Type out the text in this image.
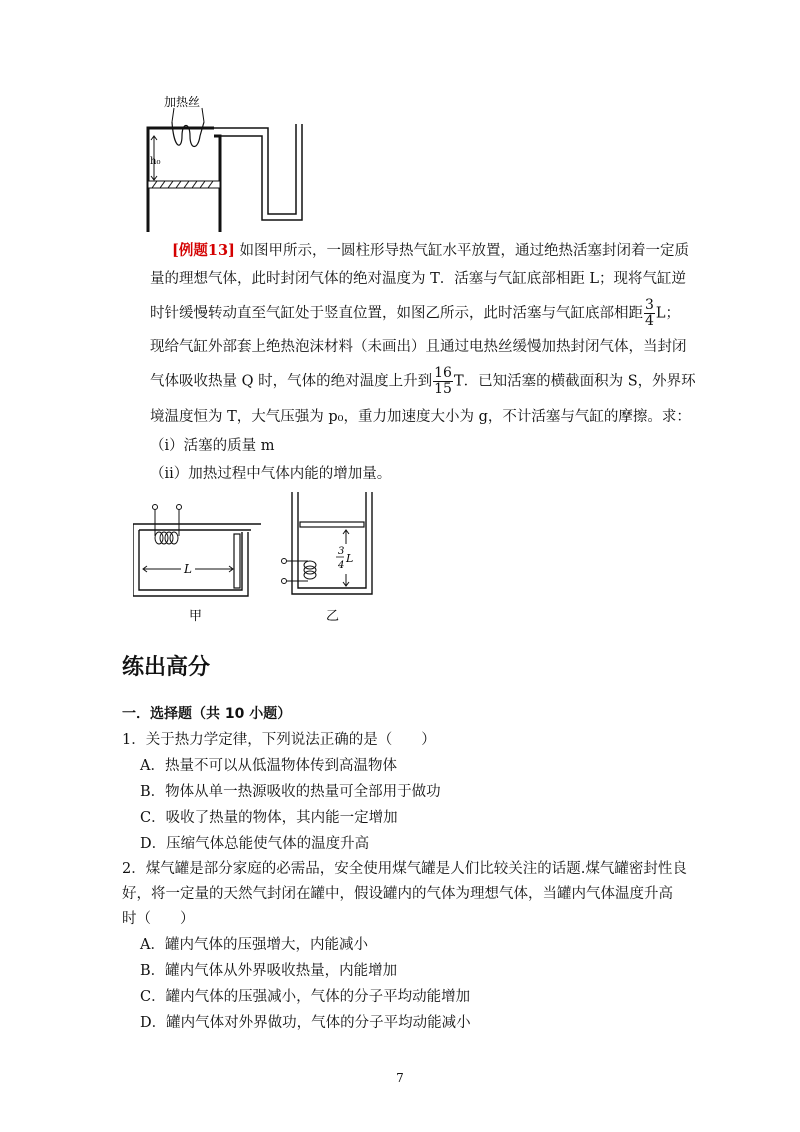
加热丝
h₀
[例题13] 如图甲所示，一圆柱形导热气缸水平放置，通过绝热活塞封闭着一定质
量的理想气体，此时封闭气体的绝对温度为 T．活塞与气缸底部相距 L；现将气缸逆
时针缓慢转动直至气缸处于竖直位置，如图乙所示，此时活塞与气缸底部相距 $\frac{3}{4}$ L；
现给气缸外部套上绝热泡沫材料（未画出）且通过电热丝缓慢加热封闭气体，当封闭
气体吸收热量 Q 时，气体的绝对温度上升到 $\frac{16}{15}$ T．已知活塞的横截面积为 S，外界环
境温度恒为 T，大气压强为 p₀，重力加速度大小为 g，不计活塞与气缸的摩擦。求：
（i）活塞的质量 m
（ii）加热过程中气体内能的增加量。
L
甲
3
4
L
乙
练出高分
一．选择题（共 10 小题）
1．关于热力学定律，下列说法正确的是（　　）
A．热量不可以从低温物体传到高温物体
B．物体从单一热源吸收的热量可全部用于做功
C．吸收了热量的物体，其内能一定增加
D．压缩气体总能使气体的温度升高
2．煤气罐是部分家庭的必需品，安全使用煤气罐是人们比较关注的话题.煤气罐密封性良
好，将一定量的天然气封闭在罐中，假设罐内的气体为理想气体，当罐内气体温度升高
时（　　）
A．罐内气体的压强增大，内能减小
B．罐内气体从外界吸收热量，内能增加
C．罐内气体的压强减小，气体的分子平均动能增加
D．罐内气体对外界做功，气体的分子平均动能减小
7
